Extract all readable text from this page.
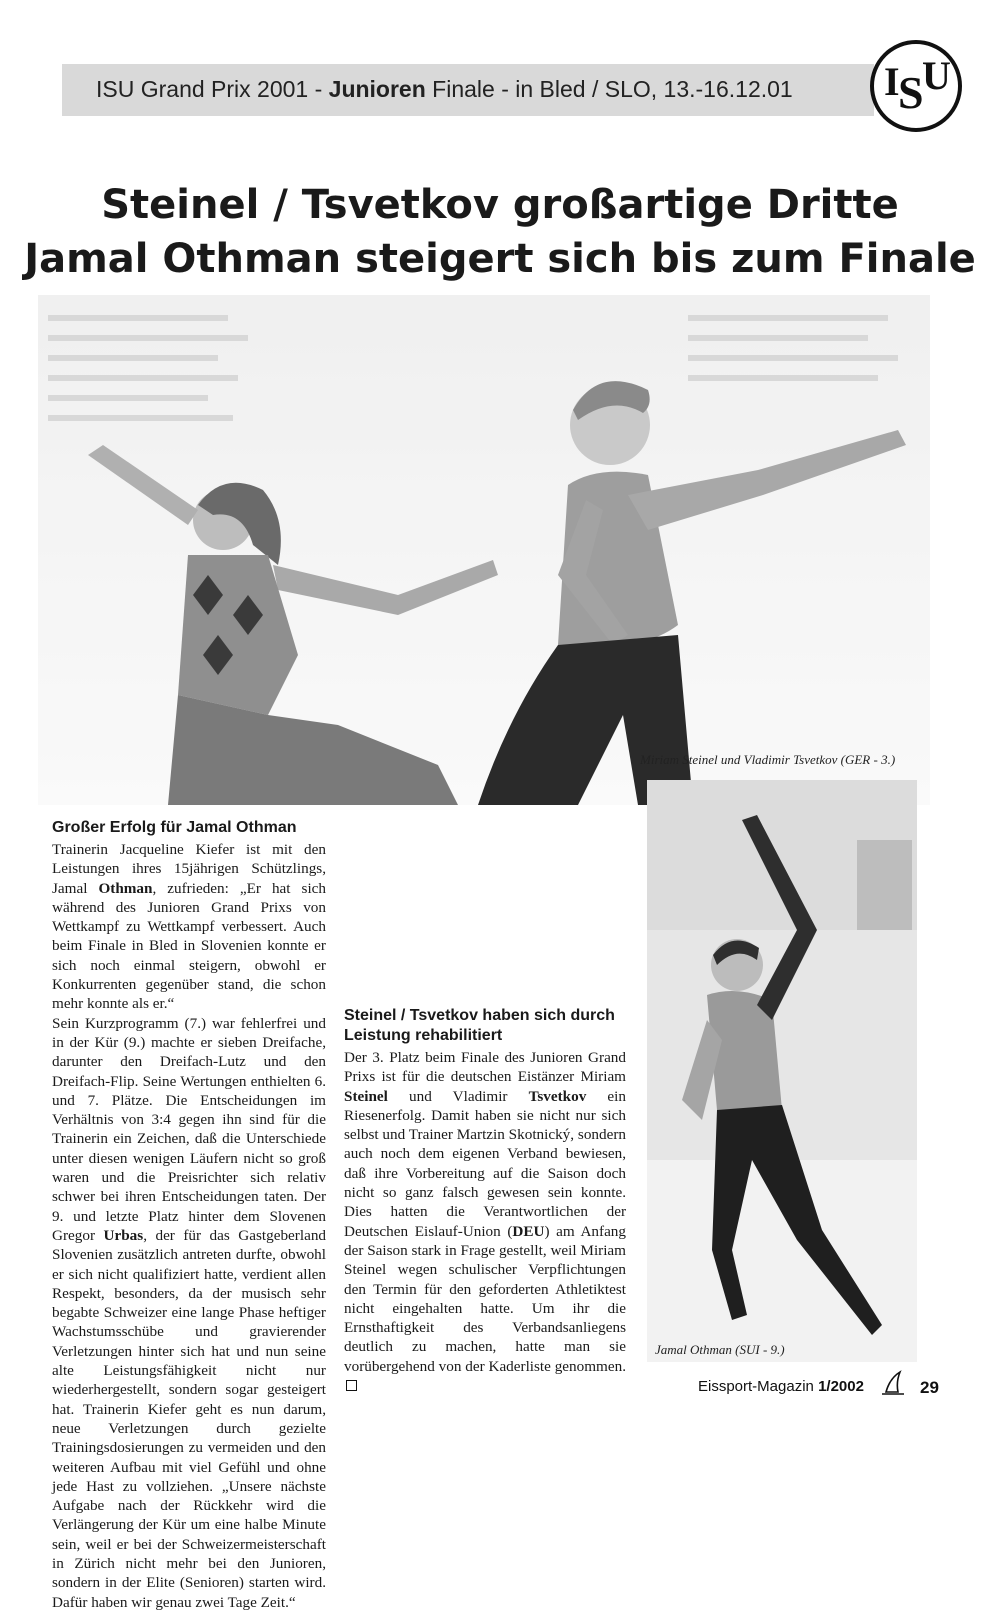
ISU Grand Prix 2001 - Junioren Finale - in Bled / SLO, 13.-16.12.01 I
S
U
Steinel / Tsvetkov großartige Dritte
Jamal Othman steigert sich bis zum Finale
Miriam Steinel und Vladimir Tsvetkov (GER - 3.)
Jamal Othman (SUI - 9.)
Großer Erfolg für Jamal Othman

Trainerin Jacqueline Kiefer ist mit den Leistungen ihres 15jährigen Schützlings, Jamal Othman, zufrieden: „Er hat sich während des Junioren Grand Prixs von Wettkampf zu Wettkampf verbessert. Auch beim Finale in Bled in Slovenien konnte er sich noch einmal steigern, obwohl er Konkurrenten gegenüber stand, die schon mehr konnte als er.“

Sein Kurzprogramm (7.) war fehlerfrei und in der Kür (9.) machte er sieben Dreifache, darunter den Dreifach-Lutz und den Dreifach-Flip. Seine Wertungen enthielten 6. und 7. Plätze. Die Entscheidungen im Verhältnis von 3:4 gegen ihn sind für die Trainerin ein Zeichen, daß die Unterschiede unter diesen wenigen Läufern nicht so groß waren und die Preisrichter sich relativ schwer bei ihren Entscheidungen taten. Der 9. und letzte Platz hinter dem Slovenen Gregor Urbas, der für das Gastgeberland Slovenien zusätzlich antreten durfte, obwohl er sich nicht qualifiziert hatte, verdient allen Respekt, besonders, da der musisch sehr begabte Schweizer eine lange Phase heftiger Wachstumsschübe und gravierender Verletzungen hinter sich hat und nun seine alte Leistungsfähigkeit nicht nur wiederhergestellt, sondern sogar gesteigert hat. Trainerin Kiefer geht es nun darum, neue Verletzungen durch gezielte Trainingsdosierungen zu vermeiden und den weiteren Aufbau mit viel Gefühl und ohne jede Hast zu vollziehen. „Unsere nächste Aufgabe nach der Rückkehr wird die Verlängerung der Kür um eine halbe Minute sein, weil er bei der Schweizermeisterschaft in Zürich nicht mehr bei den Junioren, sondern in der Elite (Senioren) starten wird. Dafür haben wir genau zwei Tage Zeit.“

Steinel / Tsvetkov haben sich durch Leistung rehabilitiert

Der 3. Platz beim Finale des Junioren Grand Prixs ist für die deutschen Eistänzer Miriam Steinel und Vladimir Tsvetkov ein Riesenerfolg. Damit haben sie nicht nur sich selbst und Trainer Martzin Skotnický, sondern auch noch dem eigenen Verband bewiesen, daß ihre Vorbereitung auf die Saison doch nicht so ganz falsch gewesen sein konnte. Dies hatten die Verantwortlichen der Deutschen Eislauf-Union (DEU) am Anfang der Saison stark in Frage gestellt, weil Miriam Steinel wegen schulischer Verpflichtungen den Termin für den geforderten Athletiktest nicht eingehalten hatte. Um ihr die Ernsthaftigkeit des Verbandsanliegens deutlich zu machen, hatte man sie vorübergehend von der Kaderliste genommen.

Eissport-Magazin 1/2002	29
